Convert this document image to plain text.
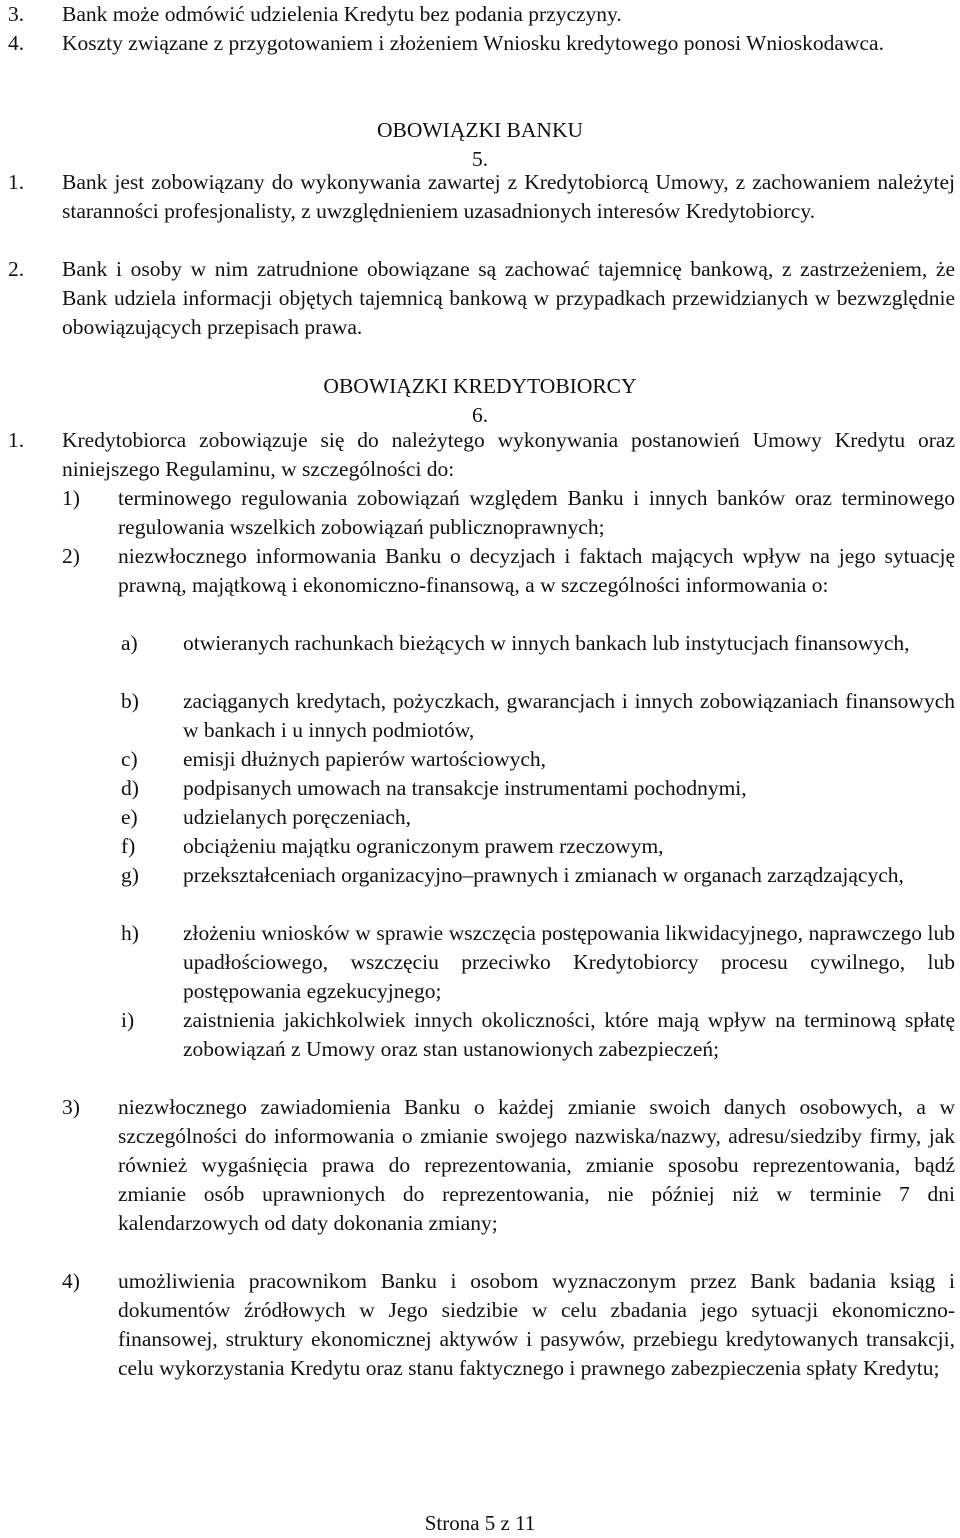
3. Bank może odmówić udzielenia Kredytu bez podania przyczyny.
4. Koszty związane z przygotowaniem i złożeniem Wniosku kredytowego ponosi Wnioskodawca.
OBOWIĄZKI BANKU
5.
1. Bank jest zobowiązany do wykonywania zawartej z Kredytobiorcą Umowy, z zachowaniem należytej staranności profesjonalisty, z uwzględnieniem uzasadnionych interesów Kredytobiorcy.
2. Bank i osoby w nim zatrudnione obowiązane są zachować tajemnicę bankową, z zastrzeżeniem, że Bank udziela informacji objętych tajemnicą bankową w przypadkach przewidzianych w bezwzględnie obowiązujących przepisach prawa.
OBOWIĄZKI KREDYTOBIORCY
6.
1. Kredytobiorca zobowiązuje się do należytego wykonywania postanowień Umowy Kredytu oraz niniejszego Regulaminu, w szczególności do:
1) terminowego regulowania zobowiązań względem Banku i innych banków oraz terminowego regulowania wszelkich zobowiązań publicznoprawnych;
2) niezwłocznego informowania Banku o decyzjach i faktach mających wpływ na jego sytuację prawną, majątkową i ekonomiczno-finansową, a w szczególności informowania o:
a) otwieranych rachunkach bieżących w innych bankach lub instytucjach finansowych,
b) zaciąganych kredytach, pożyczkach, gwarancjach i innych zobowiązaniach finansowych w bankach i u innych podmiotów,
c) emisji dłużnych papierów wartościowych,
d) podpisanych umowach na transakcje instrumentami pochodnymi,
e) udzielanych poręczeniach,
f) obciążeniu majątku ograniczonym prawem rzeczowym,
g) przekształceniach organizacyjno–prawnych i zmianach w organach zarządzających,
h) złożeniu wniosków w sprawie wszczęcia postępowania likwidacyjnego, naprawczego lub upadłościowego, wszczęciu przeciwko Kredytobiorcy procesu cywilnego, lub postępowania egzekucyjnego;
i) zaistnienia jakichkolwiek innych okoliczności, które mają wpływ na terminową spłatę zobowiązań z Umowy oraz stan ustanowionych zabezpieczeń;
3) niezwłocznego zawiadomienia Banku o każdej zmianie swoich danych osobowych, a w szczególności do informowania o zmianie swojego nazwiska/nazwy, adresu/siedziby firmy, jak również wygaśnięcia prawa do reprezentowania, zmianie sposobu reprezentowania, bądź zmianie osób uprawnionych do reprezentowania, nie później niż w terminie 7 dni kalendarzowych od daty dokonania zmiany;
4) umożliwienia pracownikom Banku i osobom wyznaczonym przez Bank badania ksiąg i dokumentów źródłowych w Jego siedzibie w celu zbadania jego sytuacji ekonomiczno-finansowej, struktury ekonomicznej aktywów i pasywów, przebiegu kredytowanych transakcji, celu wykorzystania Kredytu oraz stanu faktycznego i prawnego zabezpieczenia spłaty Kredytu;
Strona 5 z 11
